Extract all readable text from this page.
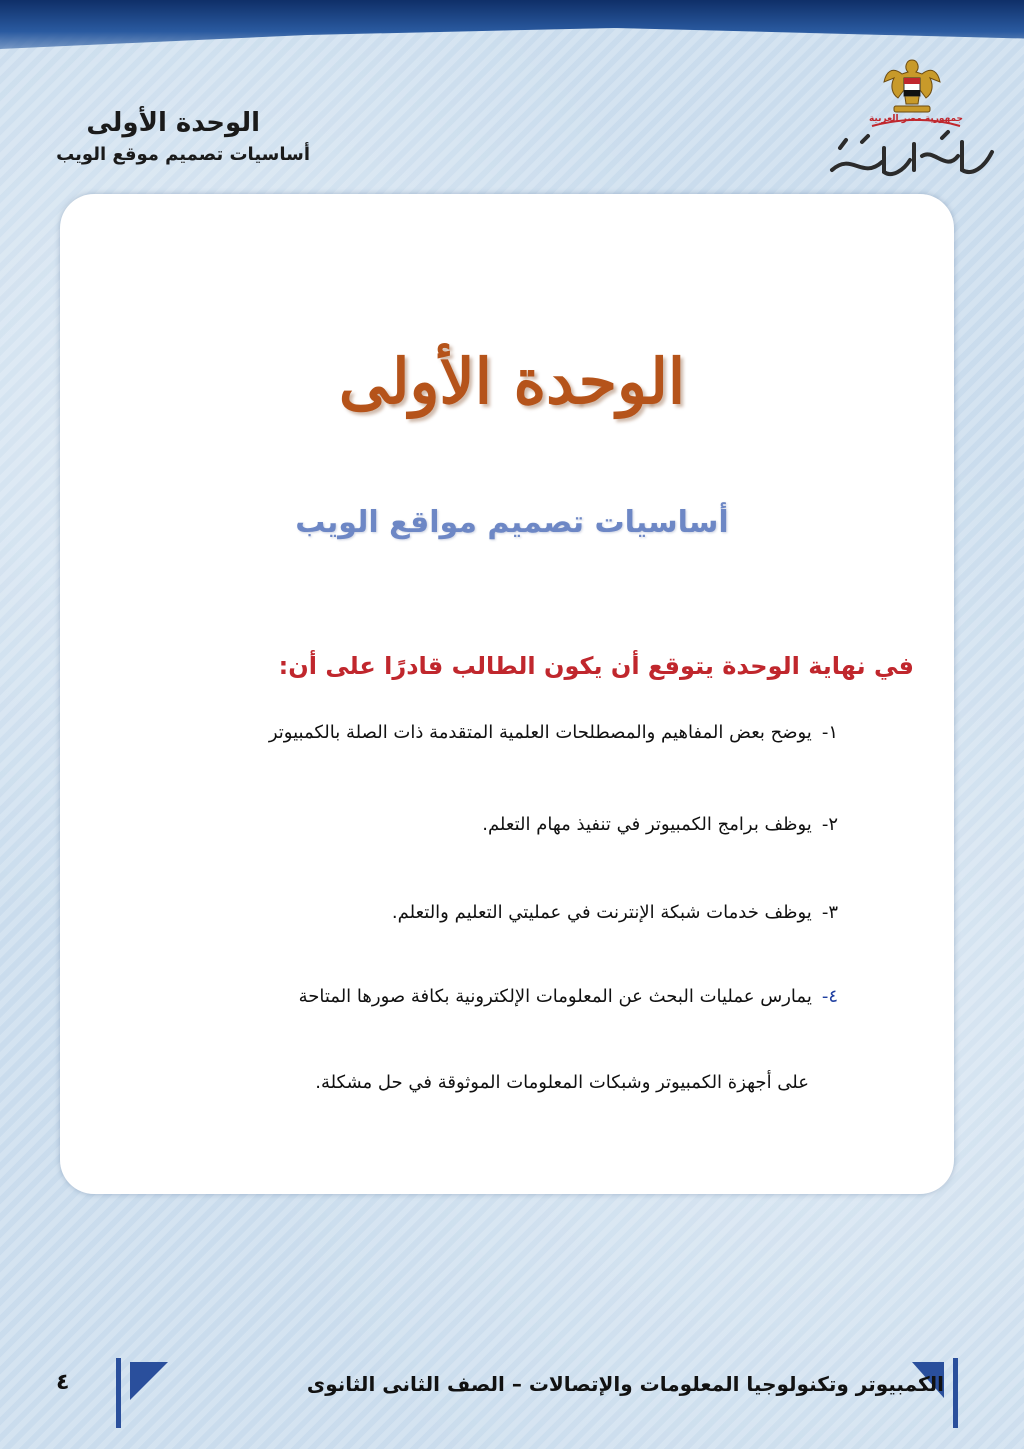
الوحدة الأولى
أساسيات تصميم موقع الويب
جمهورية مصر العربية
الوحدة الأولى
أساسيات تصميم مواقع الويب
في نهاية الوحدة يتوقع أن يكون الطالب قادرًا على أن:
١-يوضح بعض المفاهيم والمصطلحات العلمية المتقدمة ذات الصلة بالكمبيوتر
٢-يوظف برامج الكمبيوتر في تنفيذ مهام التعلم.
٣-يوظف خدمات شبكة الإنترنت في عمليتي التعليم والتعلم.
٤-يمارس عمليات البحث عن المعلومات الإلكترونية بكافة صورها المتاحة
على أجهزة الكمبيوتر وشبكات المعلومات الموثوقة في حل مشكلة.
الكمبيوتر وتكنولوجيا المعلومات والإتصالات – الصف الثانى الثانوى
٤
